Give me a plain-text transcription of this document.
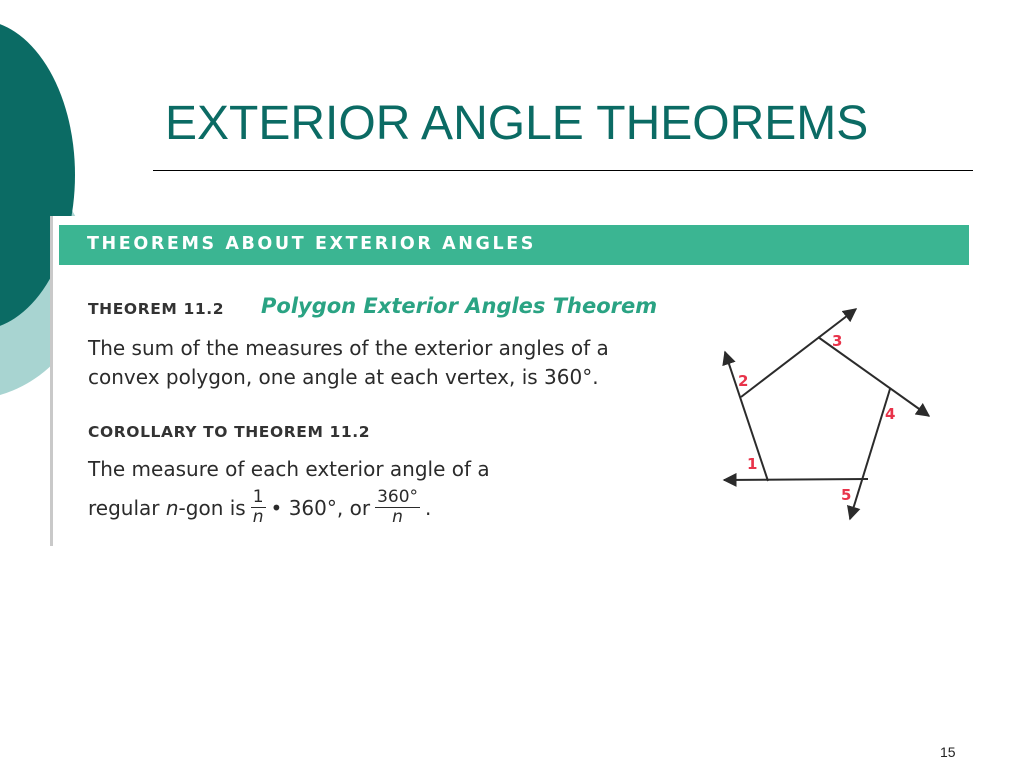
EXTERIOR ANGLE THEOREMS
THEOREMS ABOUT EXTERIOR ANGLES
THEOREM 11.2 Polygon Exterior Angles Theorem
The sum of the measures of the exterior angles of a
convex polygon, one angle at each vertex, is 360°.
COROLLARY TO THEOREM 11.2
The measure of each exterior angle of a
regular n -gon is $\frac{1}{n}$ • 360°, or $\frac{360^\circ}{n}$ .
1
2
3
4
5
15
